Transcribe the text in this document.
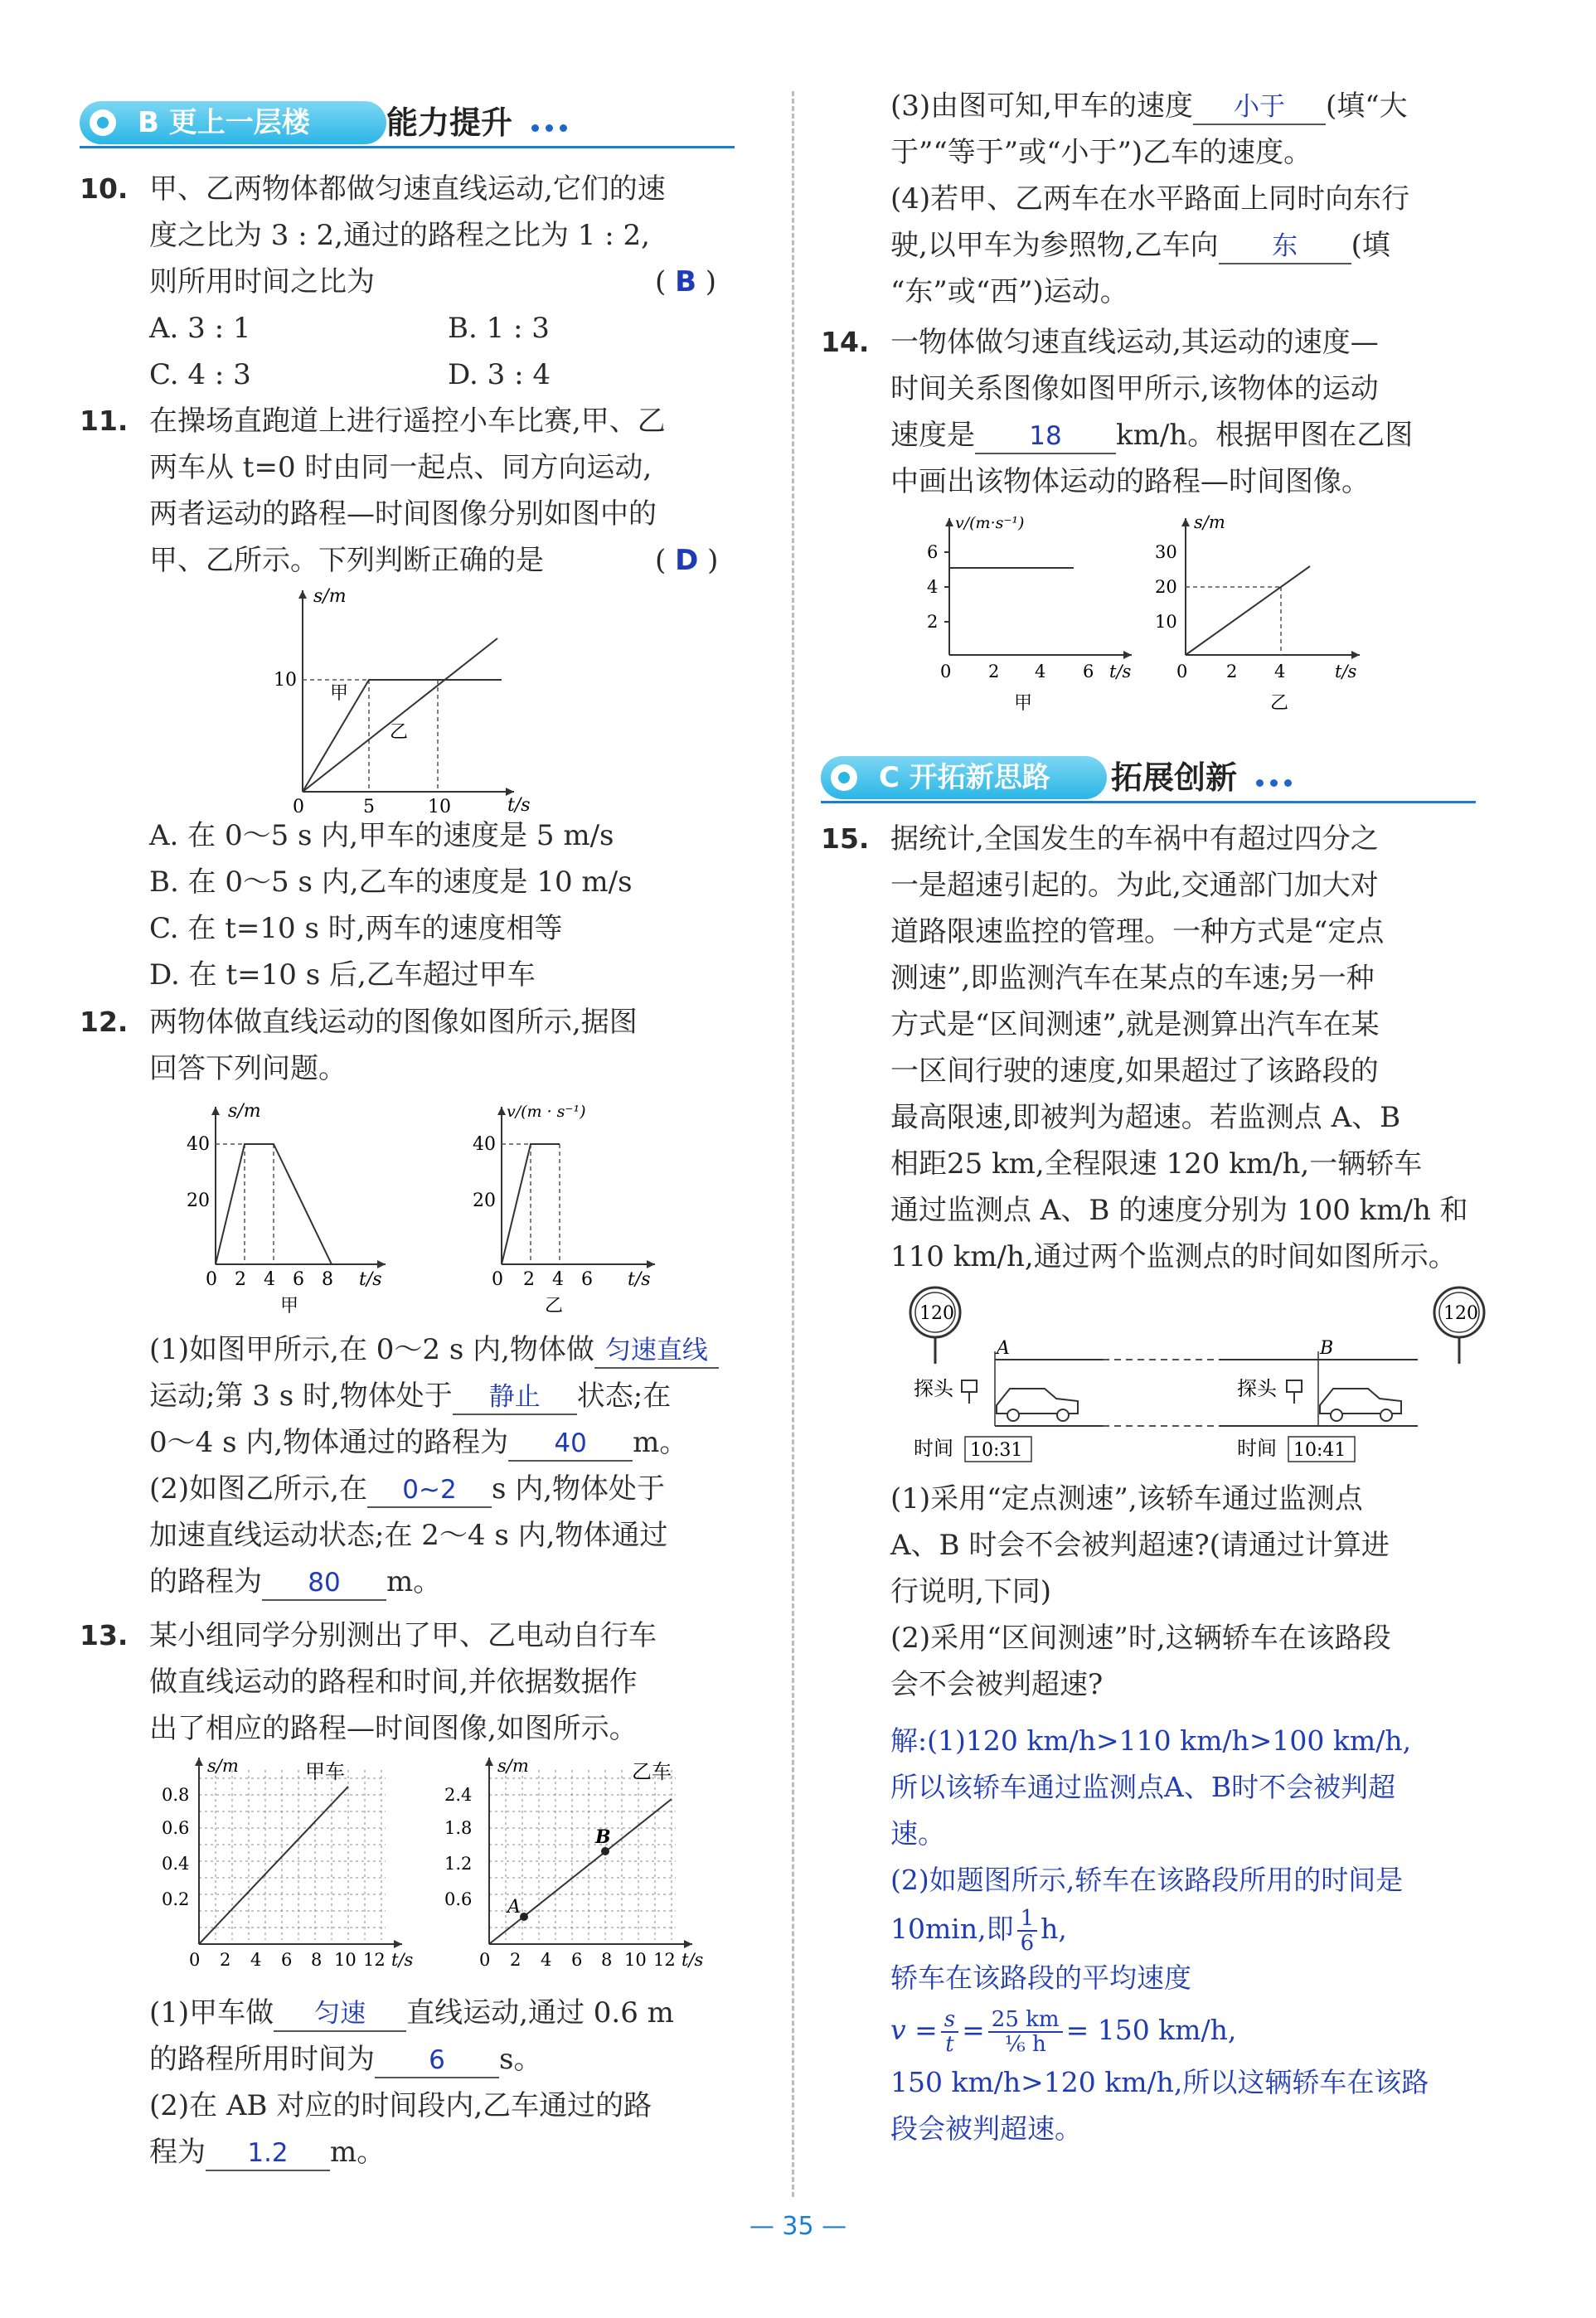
B 更上一层楼	能力提升
10. 甲、乙两物体都做匀速直线运动,它们的速
度之比为 3 : 2,通过的路程之比为 1 : 2,
则所用时间之比为	( B )
A. 3 : 1	B. 1 : 3
C. 4 : 3	D. 3 : 4
11. 在操场直跑道上进行遥控小车比赛,甲、乙
两车从 t=0 时由同一起点、同方向运动,
两者运动的路程—时间图像分别如图中的
甲、乙所示。下列判断正确的是	( D )
s/m
t/s
10
0	5	10
甲
乙
A. 在 0～5 s 内,甲车的速度是 5 m/s
B. 在 0～5 s 内,乙车的速度是 10 m/s
C. 在 t=10 s 时,两车的速度相等
D. 在 t=10 s 后,乙车超过甲车
12. 两物体做直线运动的图像如图所示,据图
回答下列问题。
s/m
t/s
40
20
0 2 4 6 8
甲
v/(m · s⁻¹)
t/s
40
20
0 2 4 6
乙
(1)如图甲所示,在 0～2 s 内,物体做 匀速直线
运动;第 3 s 时,物体处于 静止 状态;在
0～4 s 内,物体通过的路程为 40 m。
(2)如图乙所示,在 0~2 s 内,物体处于
加速直线运动状态;在 2～4 s 内,物体通过
的路程为 80 m。
13. 某小组同学分别测出了甲、乙电动自行车
做直线运动的路程和时间,并依据数据作
出了相应的路程—时间图像,如图所示。
s/m	甲车
0.8
0.6
0.4
0.2
0 2 4 6 8 10 12 t/s
s/m	乙车
2.4
1.8
1.2
0.6
0 2 4 6 8 10 12 t/s
A
B
(1)甲车做 匀速 直线运动,通过 0.6 m
的路程所用时间为 6 s。
(2)在 AB 对应的时间段内,乙车通过的路
程为 1.2 m。
(3)由图可知,甲车的速度 小于 (填“大
于”“等于”或“小于”)乙车的速度。
(4)若甲、乙两车在水平路面上同时向东行
驶,以甲车为参照物,乙车向 东 (填
“东”或“西”)运动。
14. 一物体做匀速直线运动,其运动的速度—
时间关系图像如图甲所示,该物体的运动
速度是 18 km/h。根据甲图在乙图
中画出该物体运动的路程—时间图像。
v/(m·s⁻¹)
t/s
6
4
2
0 2 4 6
甲
s/m
t/s
30
20
10
0 2 4
乙
C 开拓新思路	拓展创新
15. 据统计,全国发生的车祸中有超过四分之
一是超速引起的。为此,交通部门加大对
道路限速监控的管理。一种方式是“定点
测速”,即监测汽车在某点的车速;另一种
方式是“区间测速”,就是测算出汽车在某
一区间行驶的速度,如果超过了该路段的
最高限速,即被判为超速。若监测点 A、B
相距25 km,全程限速 120 km/h,一辆轿车
通过监测点 A、B 的速度分别为 100 km/h 和
110 km/h,通过两个监测点的时间如图所示。
120	120
A	B
探头	探头
时间 10:31	时间 10:41
(1)采用“定点测速”,该轿车通过监测点
A、B 时会不会被判超速?(请通过计算进
行说明,下同)
(2)采用“区间测速”时,这辆轿车在该路段
会不会被判超速?
解:(1)120 km/h>110 km/h>100 km/h,
所以该轿车通过监测点A、B时不会被判超
速。
(2)如题图所示,轿车在该路段所用的时间是
10min,即 $\frac{1}{6} h$,
轿车在该路段的平均速度
$v = \frac{s}{t} = \frac{25 km}{\text{⅙ h}} = 150$ km/h,
150 km/h>120 km/h,所以这辆轿车在该路
段会被判超速。
— 35 —
